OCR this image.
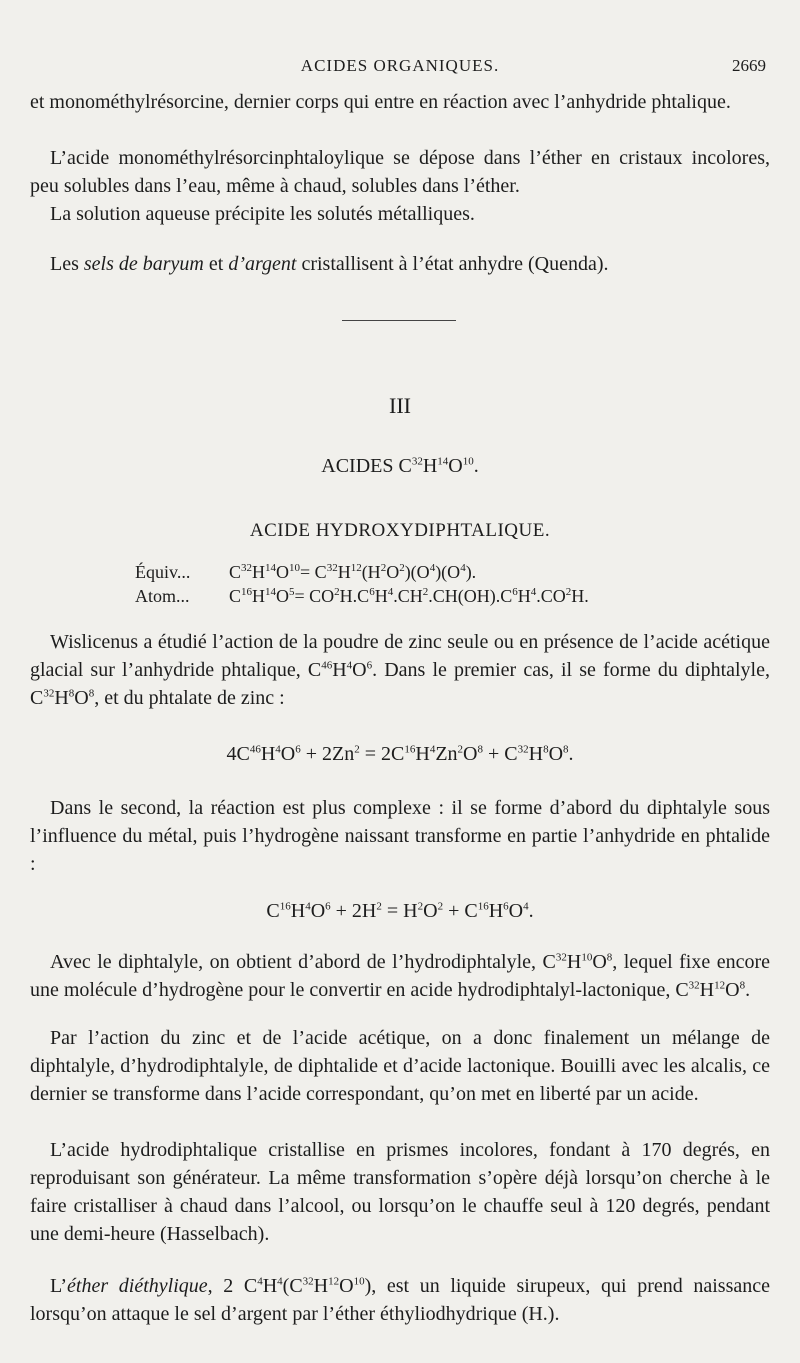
ACIDES ORGANIQUES.	2669

et monométhylrésorcine, dernier corps qui entre en réaction avec l’anhydride phtalique.

L’acide monométhylrésorcinphtaloylique se dépose dans l’éther en cristaux incolores, peu solubles dans l’eau, même à chaud, solubles dans l’éther.

La solution aqueuse précipite les solutés métalliques.

Les sels de baryum et d’argent cristallisent à l’état anhydre (Quenda).

III

ACIDES $C^{32}H^{14}O^{10}$.

ACIDE HYDROXYDIPHTALIQUE.

Équiv... $C^{32}H^{14}O^{10}= C^{32}H^{12}(H^2O^2)(O^4)(O^4)$.
Atom... $C^{16}H^{14}O^5= CO^2H.C^6H^4.CH^2.CH(OH).C^6H^4.CO^2H$.

Wislicenus a étudié l’action de la poudre de zinc seule ou en présence de l’acide acétique glacial sur l’anhydride phtalique, $C^{46}H^4O^6$. Dans le premier cas, il se forme du diphtalyle, $C^{32}H^8O^8$, et du phtalate de zinc :

$4C^{46}H^4O^6 + 2Zn^2 = 2C^{16}H^4Zn^2O^8 + C^{32}H^8O^8$.

Dans le second, la réaction est plus complexe : il se forme d’abord du diphtalyle sous l’influence du métal, puis l’hydrogène naissant transforme en partie l’anhydride en phtalide :

$C^{16}H^4O^6 + 2H^2 = H^2O^2 + C^{16}H^6O^4$.

Avec le diphtalyle, on obtient d’abord de l’hydrodiphtalyle, $C^{32}H^{10}O^8$, lequel fixe encore une molécule d’hydrogène pour le convertir en acide hydrodiphtalyl-lactonique, $C^{32}H^{12}O^8$.

Par l’action du zinc et de l’acide acétique, on a donc finalement un mélange de diphtalyle, d’hydrodiphtalyle, de diphtalide et d’acide lactonique. Bouilli avec les alcalis, ce dernier se transforme dans l’acide correspondant, qu’on met en liberté par un acide.

L’acide hydrodiphtalique cristallise en prismes incolores, fondant à 170 degrés, en reproduisant son générateur. La même transformation s’opère déjà lorsqu’on cherche à le faire cristalliser à chaud dans l’alcool, ou lorsqu’on le chauffe seul à 120 degrés, pendant une demi-heure (Hasselbach).

L’éther diéthylique, 2 $C^4H^4(C^{32}H^{12}O^{10})$, est un liquide sirupeux, qui prend naissance lorsqu’on attaque le sel d’argent par l’éther éthyliodhydrique (H.).
